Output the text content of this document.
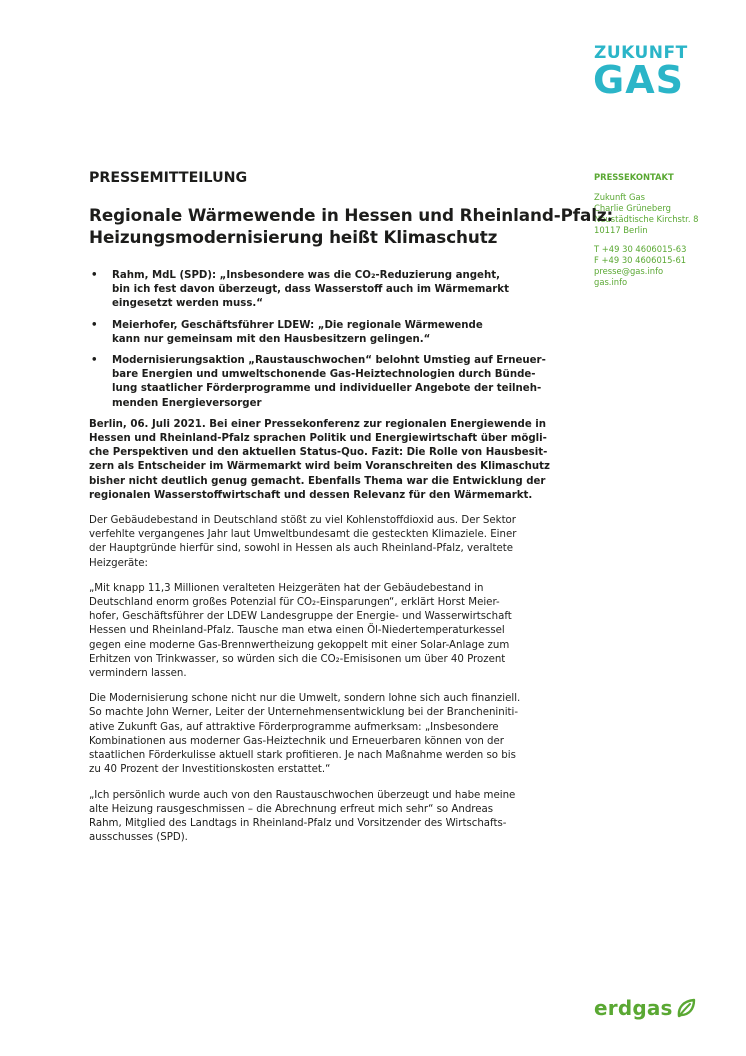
ZUKUNFT
GAS
PRESSEKONTAKT
Zukunft Gas
Charlie Grüneberg
Neustädtische Kirchstr. 8
10117 Berlin
T +49 30 4606015-63
F +49 30 4606015-61
presse@gas.info
gas.info
PRESSEMITTEILUNG
Regionale Wärmewende in Hessen und Rheinland-Pfalz:
Heizungsmodernisierung heißt Klimaschutz
• Rahm, MdL (SPD): „Insbesondere was die CO₂-Reduzierung angeht,
bin ich fest davon überzeugt, dass Wasserstoff auch im Wärmemarkt
eingesetzt werden muss.“
• Meierhofer, Geschäftsführer LDEW: „Die regionale Wärmewende
kann nur gemeinsam mit den Hausbesitzern gelingen.“
• Modernisierungsaktion „Raustauschwochen“ belohnt Umstieg auf Erneuer-
bare Energien und umweltschonende Gas-Heiztechnologien durch Bünde-
lung staatlicher Förderprogramme und individueller Angebote der teilneh-
menden Energieversorger
Berlin, 06. Juli 2021. Bei einer Pressekonferenz zur regionalen Energiewende in
Hessen und Rheinland-Pfalz sprachen Politik und Energiewirtschaft über mögli-
che Perspektiven und den aktuellen Status-Quo. Fazit: Die Rolle von Hausbesit-
zern als Entscheider im Wärmemarkt wird beim Voranschreiten des Klimaschutz
bisher nicht deutlich genug gemacht. Ebenfalls Thema war die Entwicklung der
regionalen Wasserstoffwirtschaft und dessen Relevanz für den Wärmemarkt.
Der Gebäudebestand in Deutschland stößt zu viel Kohlenstoffdioxid aus. Der Sektor
verfehlte vergangenes Jahr laut Umweltbundesamt die gesteckten Klimaziele. Einer
der Hauptgründe hierfür sind, sowohl in Hessen als auch Rheinland-Pfalz, veraltete
Heizgeräte:
„Mit knapp 11,3 Millionen veralteten Heizgeräten hat der Gebäudebestand in
Deutschland enorm großes Potenzial für CO₂-Einsparungen“, erklärt Horst Meier-
hofer, Geschäftsführer der LDEW Landesgruppe der Energie- und Wasserwirtschaft
Hessen und Rheinland-Pfalz. Tausche man etwa einen Öl-Niedertemperaturkessel
gegen eine moderne Gas-Brennwertheizung gekoppelt mit einer Solar-Anlage zum
Erhitzen von Trinkwasser, so würden sich die CO₂-Emisisonen um über 40 Prozent
vermindern lassen.
Die Modernisierung schone nicht nur die Umwelt, sondern lohne sich auch finanziell.
So machte John Werner, Leiter der Unternehmensentwicklung bei der Brancheniniti-
ative Zukunft Gas, auf attraktive Förderprogramme aufmerksam: „Insbesondere
Kombinationen aus moderner Gas-Heiztechnik und Erneuerbaren können von der
staatlichen Förderkulisse aktuell stark profitieren. Je nach Maßnahme werden so bis
zu 40 Prozent der Investitionskosten erstattet.“
„Ich persönlich wurde auch von den Raustauschwochen überzeugt und habe meine
alte Heizung rausgeschmissen – die Abrechnung erfreut mich sehr“ so Andreas
Rahm, Mitglied des Landtags in Rheinland-Pfalz und Vorsitzender des Wirtschafts-
ausschusses (SPD).
erdgas
